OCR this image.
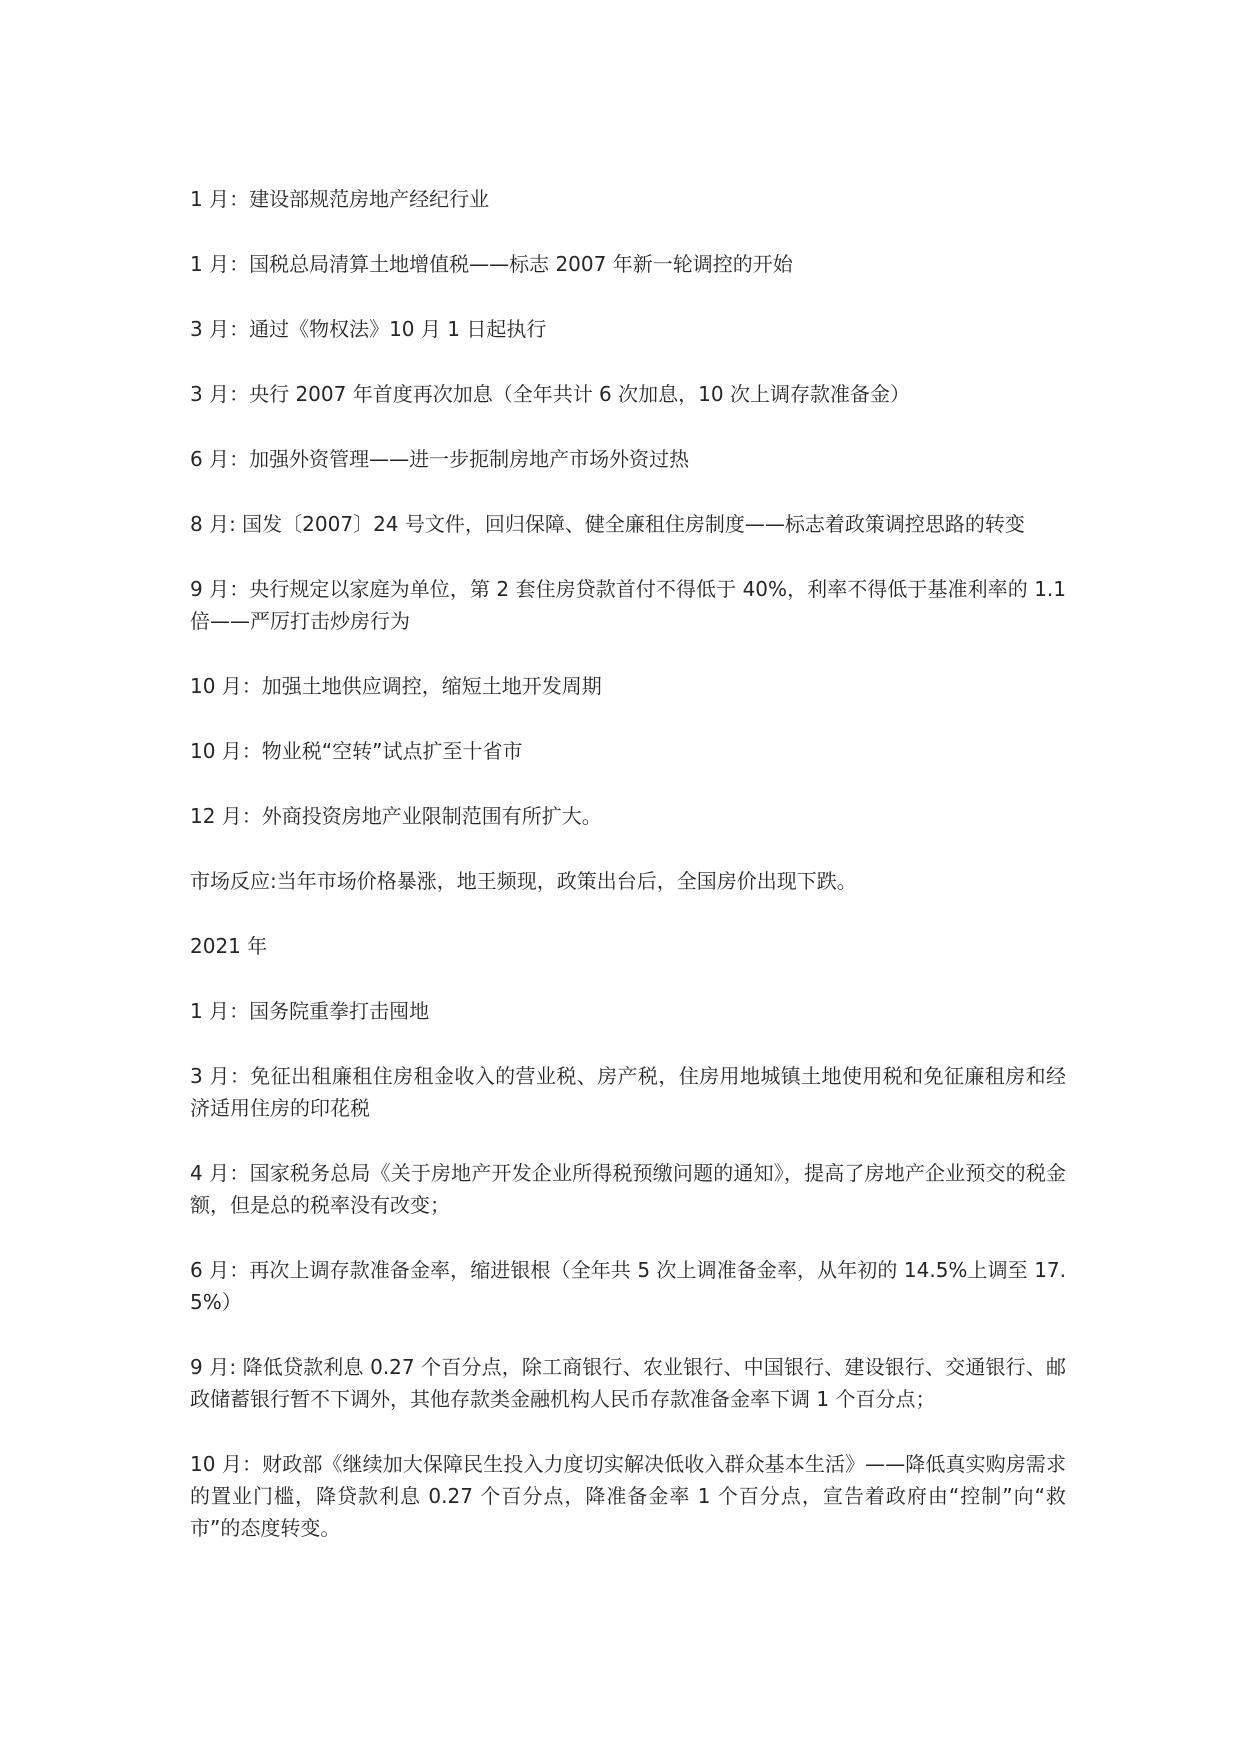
1 月：建设部规范房地产经纪行业

1 月：国税总局清算土地增值税——标志 2007 年新一轮调控的开始

3 月：通过《物权法》10 月 1 日起执行

3 月：央行 2007 年首度再次加息（全年共计 6 次加息，10 次上调存款准备金）

6 月：加强外资管理——进一步扼制房地产市场外资过热

8 月: 国发〔2007〕24 号文件，回归保障、健全廉租住房制度——标志着政策调控思路的转变

9 月：央行规定以家庭为单位，第 2 套住房贷款首付不得低于 40%，利率不得低于基准利率的 1.1 倍——严厉打击炒房行为

10 月：加强土地供应调控，缩短土地开发周期

10 月：物业税“空转”试点扩至十省市

12 月：外商投资房地产业限制范围有所扩大。

市场反应:当年市场价格暴涨，地王频现，政策出台后，全国房价出现下跌。

2021 年

1 月：国务院重拳打击囤地

3 月：免征出租廉租住房租金收入的营业税、房产税，住房用地城镇土地使用税和免征廉租房和经济适用住房的印花税

4 月：国家税务总局《关于房地产开发企业所得税预缴问题的通知》，提高了房地产企业预交的税金额，但是总的税率没有改变；

6 月：再次上调存款准备金率，缩进银根（全年共 5 次上调准备金率，从年初的 14.5%上调至 17.5%）

9 月: 降低贷款利息 0.27 个百分点，除工商银行、农业银行、中国银行、建设银行、交通银行、邮政储蓄银行暂不下调外，其他存款类金融机构人民币存款准备金率下调 1 个百分点；

10 月：财政部《继续加大保障民生投入力度切实解决低收入群众基本生活》——降低真实购房需求的置业门槛，降贷款利息 0.27 个百分点，降准备金率 1 个百分点，宣告着政府由“控制”向“救市”的态度转变。
